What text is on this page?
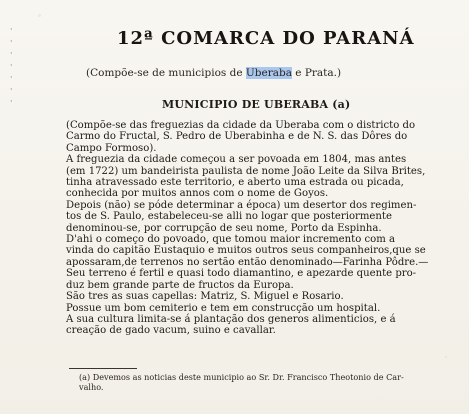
·
·
·
·
·
·
·
12ª COMARCA DO PARANÁ
(Compõe-se de municipios de Uberaba e Prata.)
MUNICIPIO DE UBERABA (a)
(Compõe-se das freguezias da cidade da Uberaba com o districto do
Carmo do Fructal, S. Pedro de Uberabinha e de N. S. das Dôres do
Campo Formoso).
A freguezia da cidade começou a ser povoada em 1804, mas antes
(em 1722) um bandeirista paulista de nome João Leite da Silva Brites,
tinha atravessado este territorio, e aberto uma estrada ou picada,
conhecida por muitos annos com o nome de Goyos.
Depois (não) se póde determinar a época) um desertor dos regimen-
tos de S. Paulo, estabeleceu-se alli no logar que posteriormente
denominou-se, por corrupção de seu nome, Porto da Espinha.
D'ahi o começo do povoado, que tomou maior incremento com a
vinda do capitão Eustaquio e muitos outros seus companheiros,que se
apossaram,de terrenos no sertão então denominado—Farinha Pôdre.—
Seu terreno é fertil e quasi todo diamantino, e apezarde quente pro-
duz bem grande parte de fructos da Europa.
São tres as suas capellas: Matriz, S. Miguel e Rosario.
Possue um bom cemiterio e tem em construcção um hospital.
A sua cultura limita-se á plantação dos generos alimenticios, e á
creação de gado vacum, suino e cavallar.
(a) Devemos as noticias deste municipio ao Sr. Dr. Francisco Theotonio de Car-
valho.
